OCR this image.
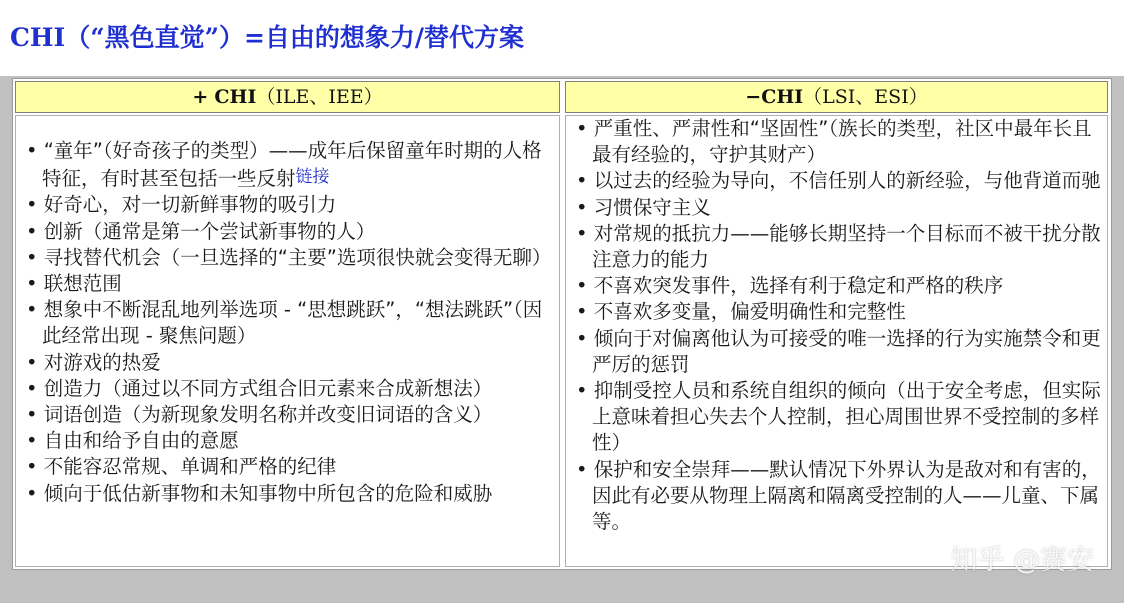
CHI（“黑色直觉”）=自由的想象力/替代方案
+ CHI（ILE、IEE）
• “童年”（好奇孩子的类型）——成年后保留童年时期的人格特征，有时甚至包括一些反射链接
• 好奇心，对一切新鲜事物的吸引力
• 创新（通常是第一个尝试新事物的人）
• 寻找替代机会（一旦选择的“主要”选项很快就会变得无聊）
• 联想范围
• 想象中不断混乱地列举选项 - “思想跳跃”，“想法跳跃”（因此经常出现 - 聚焦问题）
• 对游戏的热爱
• 创造力（通过以不同方式组合旧元素来合成新想法）
• 词语创造（为新现象发明名称并改变旧词语的含义）
• 自由和给予自由的意愿
• 不能容忍常规、单调和严格的纪律
• 倾向于低估新事物和未知事物中所包含的危险和威胁
−CHI（LSI、ESI）
• 严重性、严肃性和“坚固性”（族长的类型，社区中最年长且最有经验的，守护其财产）
• 以过去的经验为导向，不信任别人的新经验，与他背道而驰
• 习惯保守主义
• 对常规的抵抗力——能够长期坚持一个目标而不被干扰分散注意力的能力
• 不喜欢突发事件，选择有利于稳定和严格的秩序
• 不喜欢多变量，偏爱明确性和完整性
• 倾向于对偏离他认为可接受的唯一选择的行为实施禁令和更严厉的惩罚
• 抑制受控人员和系统自组织的倾向（出于安全考虑，但实际上意味着担心失去个人控制，担心周围世界不受控制的多样性）
• 保护和安全崇拜——默认情况下外界认为是敌对和有害的，因此有必要从物理上隔离和隔离受控制的人——儿童、下属等。
知乎 @赛安
